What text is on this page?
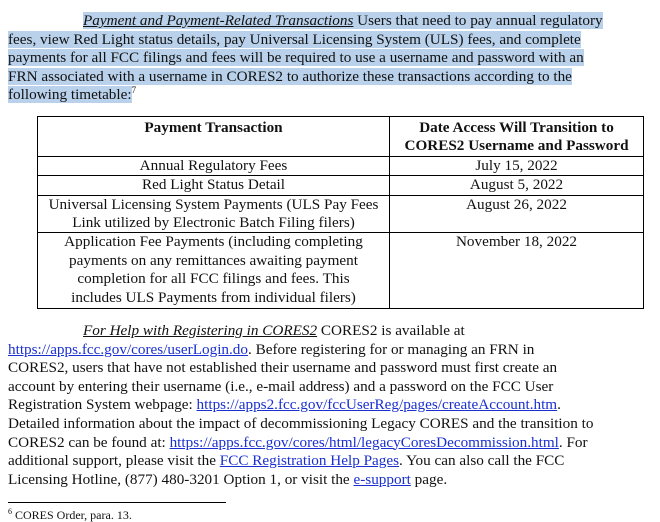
Payment and Payment-Related Transactions Users that need to pay annual regulatory
fees, view Red Light status details, pay Universal Licensing System (ULS) fees, and complete
payments for all FCC filings and fees will be required to use a username and password with an
FRN associated with a username in CORES2 to authorize these transactions according to the
following timetable:$^7$
Payment Transaction	Date Access Will Transition to
CORES2 Username and Password

Annual Regulatory Fees	July 15, 2022

Red Light Status Detail	August 5, 2022

Universal Licensing System Payments (ULS Pay Fees
Link utilized by Electronic Batch Filing filers)	August 26, 2022

Application Fee Payments (including completing
payments on any remittances awaiting payment
completion for all FCC filings and fees. This
includes ULS Payments from individual filers)	November 18, 2022
For Help with Registering in CORES2 CORES2 is available at
https://apps.fcc.gov/cores/userLogin.do. Before registering for or managing an FRN in
CORES2, users that have not established their username and password must first create an
account by entering their username (i.e., e-mail address) and a password on the FCC User
Registration System webpage: https://apps2.fcc.gov/fccUserReg/pages/createAccount.htm.
Detailed information about the impact of decommissioning Legacy CORES and the transition to
CORES2 can be found at: https://apps.fcc.gov/cores/html/legacyCoresDecommission.html. For
additional support, please visit the FCC Registration Help Pages. You can also call the FCC
Licensing Hotline, (877) 480-3201 Option 1, or visit the e-support page.
$^6$ CORES Order, para. 13.
